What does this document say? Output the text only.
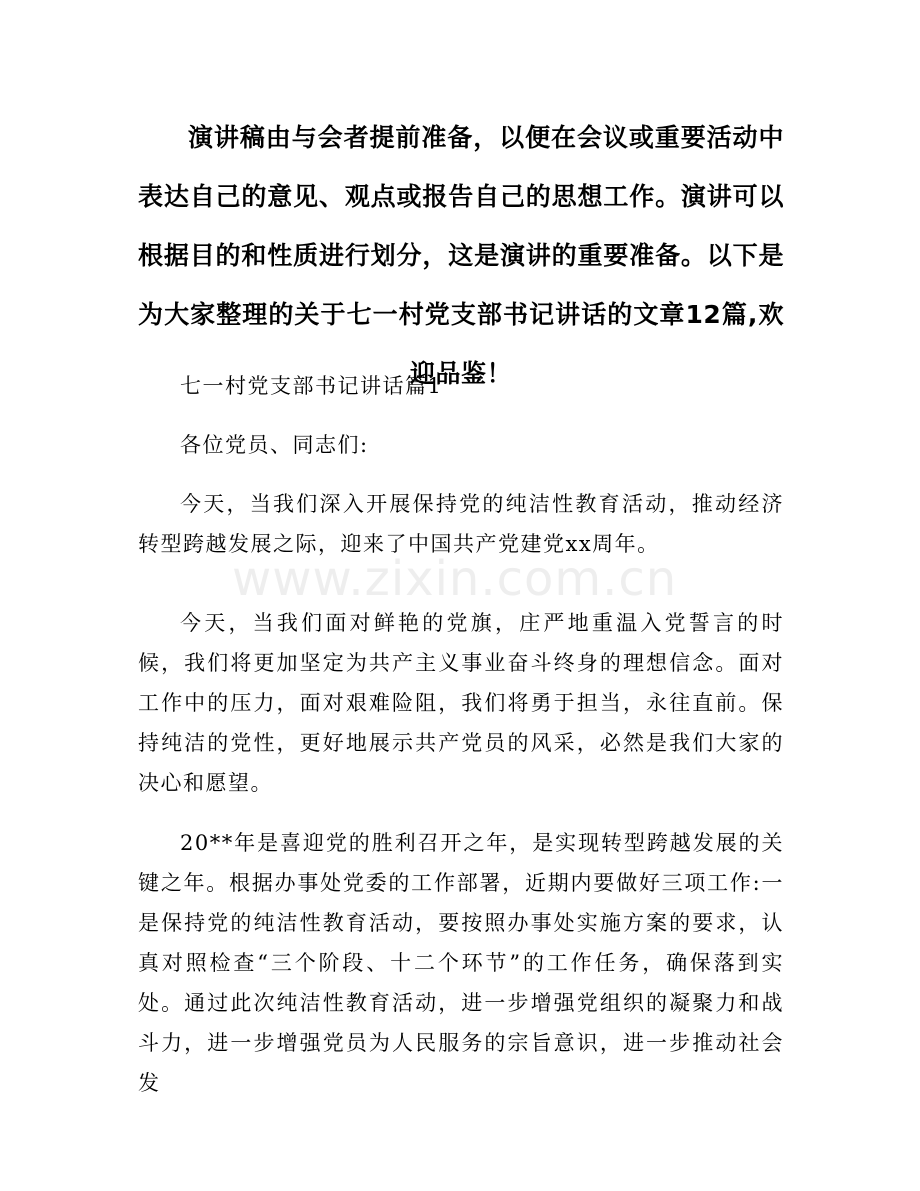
演讲稿由与会者提前准备，以便在会议或重要活动中表达自己的意见、观点或报告自己的思想工作。演讲可以根据目的和性质进行划分，这是演讲的重要准备。以下是为大家整理的关于七一村党支部书记讲话的文章12篇,欢迎品鉴！
七一村党支部书记讲话篇1
各位党员、同志们:
今天，当我们深入开展保持党的纯洁性教育活动，推动经济转型跨越发展之际，迎来了中国共产党建党xx周年。
今天，当我们面对鲜艳的党旗，庄严地重温入党誓言的时候，我们将更加坚定为共产主义事业奋斗终身的理想信念。面对工作中的压力，面对艰难险阻，我们将勇于担当，永往直前。保持纯洁的党性，更好地展示共产党员的风采，必然是我们大家的决心和愿望。
20**年是喜迎党的胜利召开之年，是实现转型跨越发展的关键之年。根据办事处党委的工作部署，近期内要做好三项工作:一是保持党的纯洁性教育活动，要按照办事处实施方案的要求，认真对照检查“三个阶段、十二个环节”的工作任务，确保落到实处。通过此次纯洁性教育活动，进一步增强党组织的凝聚力和战斗力，进一步增强党员为人民服务的宗旨意识，进一步推动社会发
www.zixin.com.cn
